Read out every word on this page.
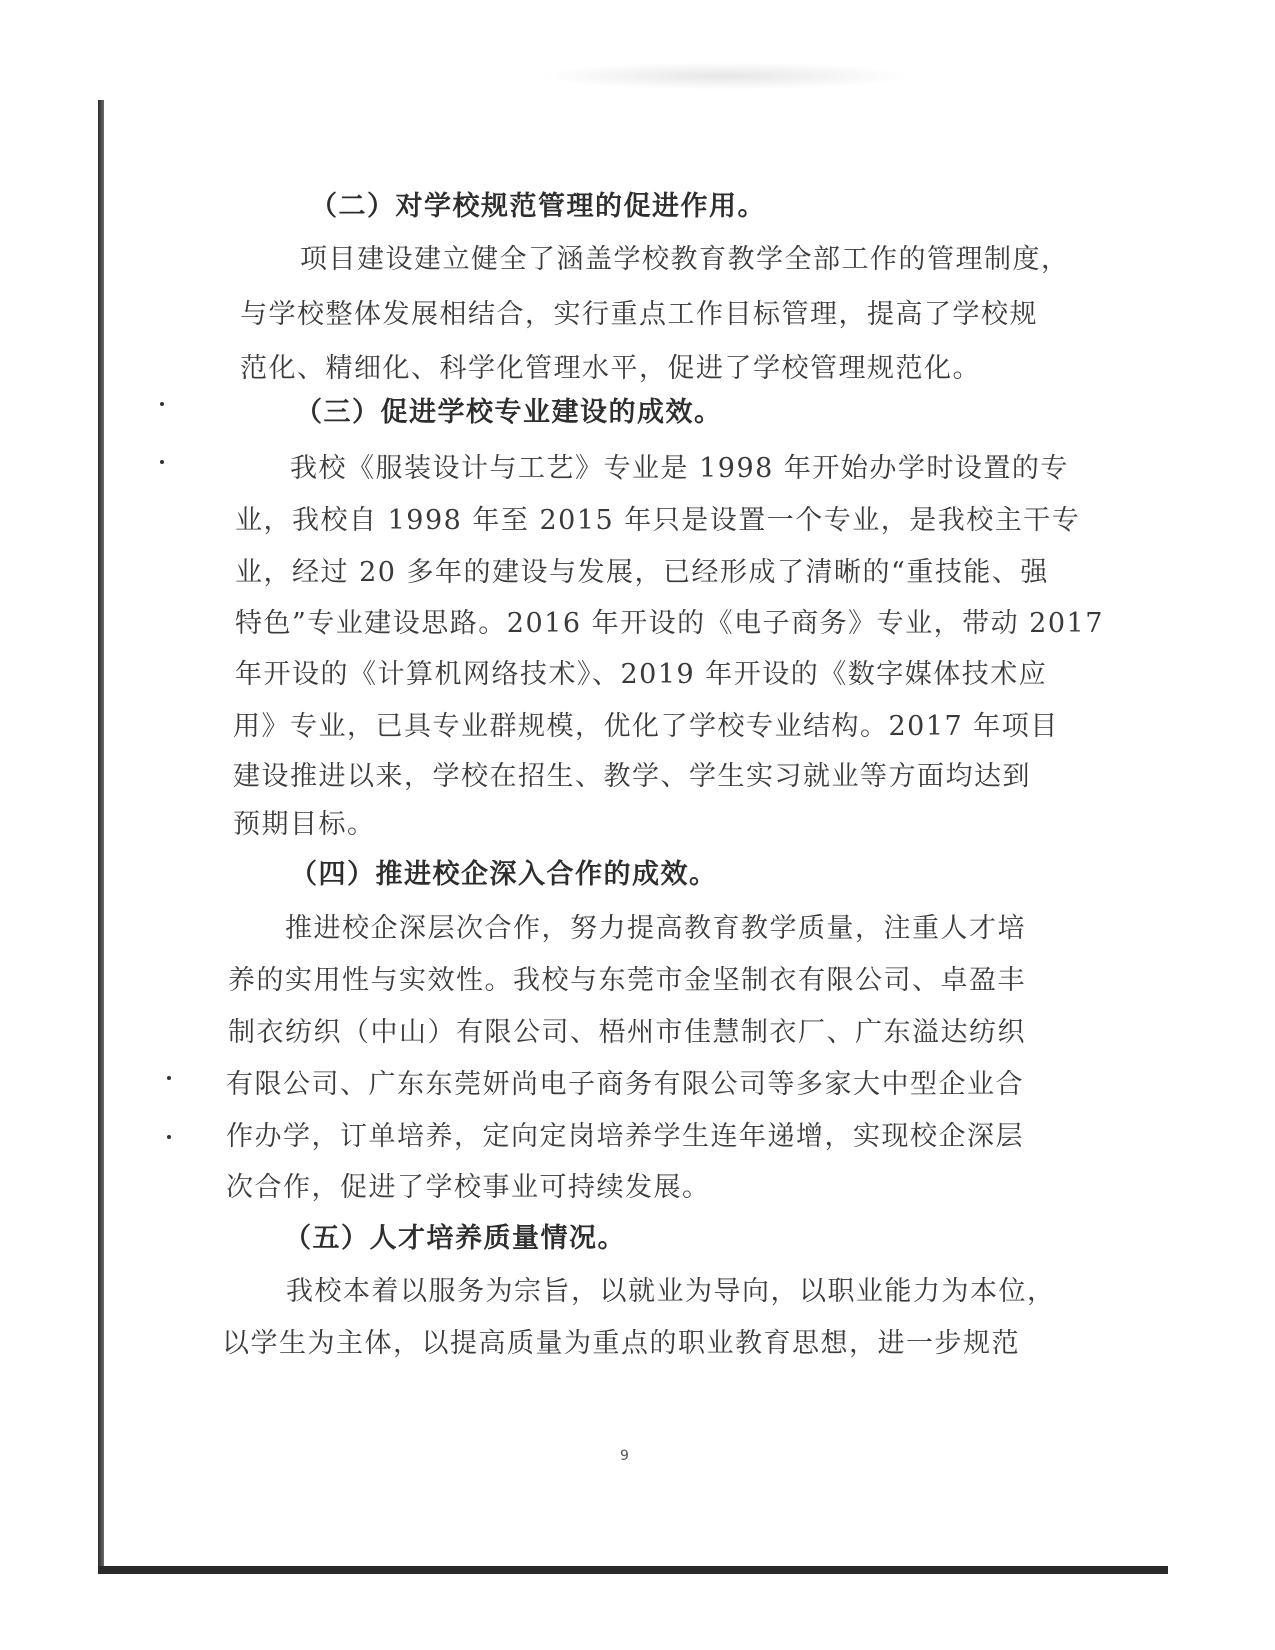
（二）对学校规范管理的促进作用。
项目建设建立健全了涵盖学校教育教学全部工作的管理制度，
与学校整体发展相结合，实行重点工作目标管理，提高了学校规
范化、精细化、科学化管理水平，促进了学校管理规范化。
（三）促进学校专业建设的成效。
我校《服装设计与工艺》专业是 1998 年开始办学时设置的专
业，我校自 1998 年至 2015 年只是设置一个专业，是我校主干专
业，经过 20 多年的建设与发展，已经形成了清晰的“重技能、强
特色”专业建设思路。2016 年开设的《电子商务》专业，带动 2017
年开设的《计算机网络技术》、2019 年开设的《数字媒体技术应
用》专业，已具专业群规模，优化了学校专业结构。2017 年项目
建设推进以来，学校在招生、教学、学生实习就业等方面均达到
预期目标。
（四）推进校企深入合作的成效。
推进校企深层次合作，努力提高教育教学质量，注重人才培
养的实用性与实效性。我校与东莞市金坚制衣有限公司、卓盈丰
制衣纺织（中山）有限公司、梧州市佳慧制衣厂、广东溢达纺织
有限公司、广东东莞妍尚电子商务有限公司等多家大中型企业合
作办学，订单培养，定向定岗培养学生连年递增，实现校企深层
次合作，促进了学校事业可持续发展。
（五）人才培养质量情况。
我校本着以服务为宗旨，以就业为导向，以职业能力为本位，
以学生为主体，以提高质量为重点的职业教育思想，进一步规范
9
